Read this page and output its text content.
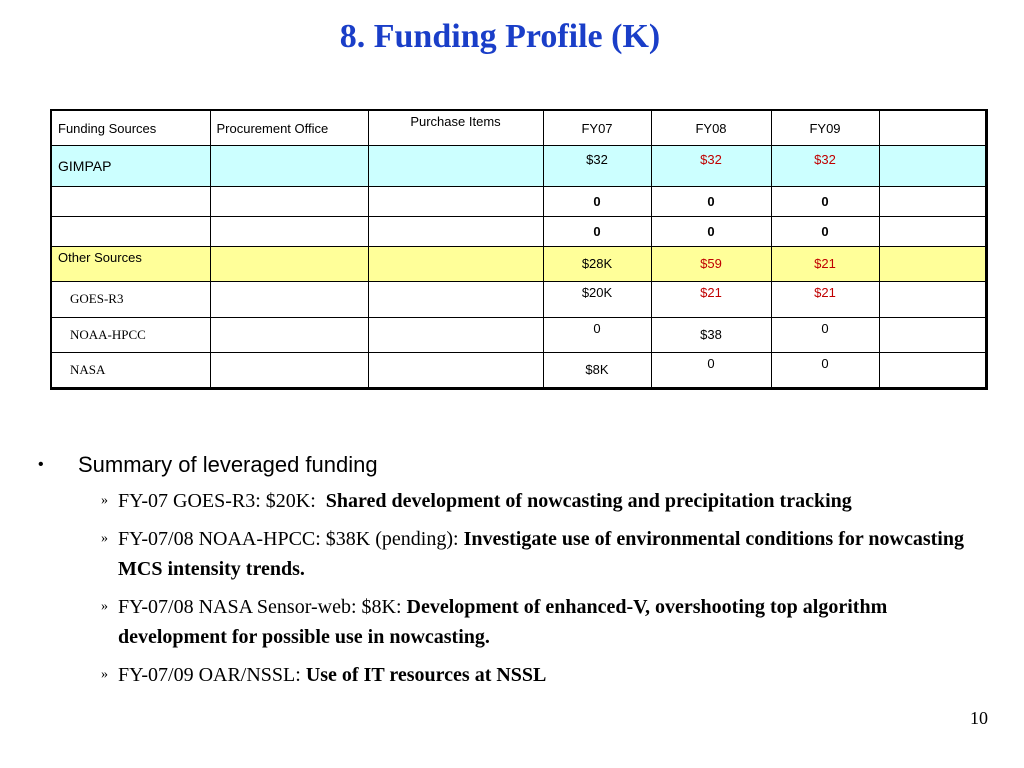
8. Funding Profile (K)
Funding Sources	Procurement Office	Purchase Items	FY07	FY08	FY09	
GIMPAP			$32	$32	$32	
			0	0	0	
			0	0	0	
Other Sources			$28K	$59	$21	
GOES-R3			$20K	$21	$21	
NOAA-HPCC			0	$38	0	
NASA			$8K	0	0	
•	Summary of leveraged funding
» FY-07 GOES-R3: $20K:  Shared development of nowcasting and precipitation tracking
» FY-07/08 NOAA-HPCC: $38K (pending): Investigate use of environmental conditions for nowcasting MCS intensity trends.
» FY-07/08 NASA Sensor-web: $8K: Development of enhanced-V, overshooting top algorithm development for possible use in nowcasting.
» FY-07/09 OAR/NSSL: Use of IT resources at NSSL
10
